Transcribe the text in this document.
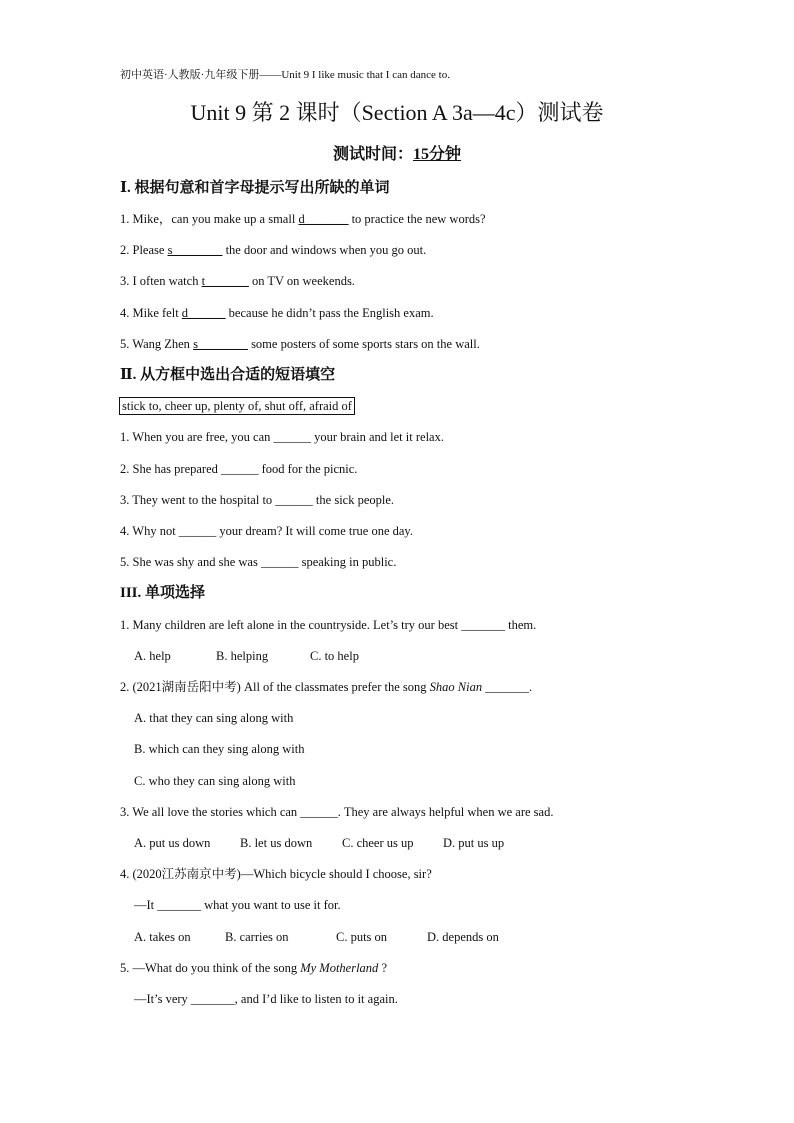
初中英语·人教版·九年级下册——Unit 9 I like music that I can dance to.
Unit 9 第 2 课时（Section A 3a—4c）测试卷
测试时间：15分钟
Ⅰ. 根据句意和首字母提示写出所缺的单词
1. Mike，can you make up a small d_______ to practice the new words?
2. Please s________ the door and windows when you go out.
3. I often watch t_______ on TV on weekends.
4. Mike felt d______ because he didn’t pass the English exam.
5. Wang Zhen s________ some posters of some sports stars on the wall.
Ⅱ. 从方框中选出合适的短语填空
stick to, cheer up, plenty of, shut off, afraid of
1. When you are free, you can ______ your brain and let it relax.
2. She has prepared ______ food for the picnic.
3. They went to the hospital to ______ the sick people.
4. Why not ______ your dream? It will come true one day.
5. She was shy and she was ______ speaking in public.
III. 单项选择
1. Many children are left alone in the countryside. Let’s try our best _______ them.
A. help	B. helping	C. to help
2. (2021湖南岳阳中考) All of the classmates prefer the song Shao Nian _______.
A. that they can sing along with
B. which can they sing along with
C. who they can sing along with
3. We all love the stories which can ______. They are always helpful when we are sad.
A. put us down B. let us down C. cheer us up D. put us up
4. (2020江苏南京中考)—Which bicycle should I choose, sir?
—It _______ what you want to use it for.
A. takes on	B. carries on	C. puts on	D. depends on
5. —What do you think of the song My Motherland ?
—It’s very _______, and I’d like to listen to it again.
